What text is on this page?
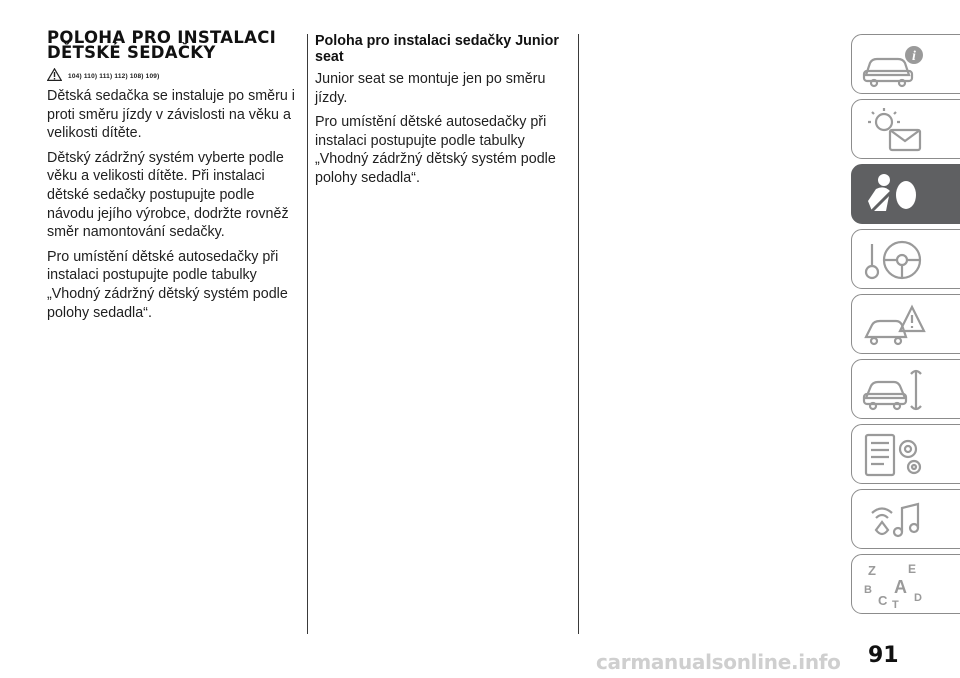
POLOHA PRO INSTALACI DĚTSKÉ SEDAČKY
104) 110) 111) 112) 108) 109)

Dětská sedačka se instaluje po směru i proti směru jízdy v závislosti na věku a velikosti dítěte.

Dětský zádržný systém vyberte podle věku a velikosti dítěte. Při instalaci dětské sedačky postupujte podle návodu jejího výrobce, dodržte rovněž směr namontování sedačky.

Pro umístění dětské autosedačky při instalaci postupujte podle tabulky „Vhodný zádržný dětský systém podle polohy sedadla“.

Poloha pro instalaci sedačky Junior seat

Junior seat se montuje jen po směru jízdy.

Pro umístění dětské autosedačky při instalaci postupujte podle tabulky „Vhodný zádržný dětský systém podle polohy sedadla“.

i
Z	E
B A
C D
T
91
carmanualsonline.info
